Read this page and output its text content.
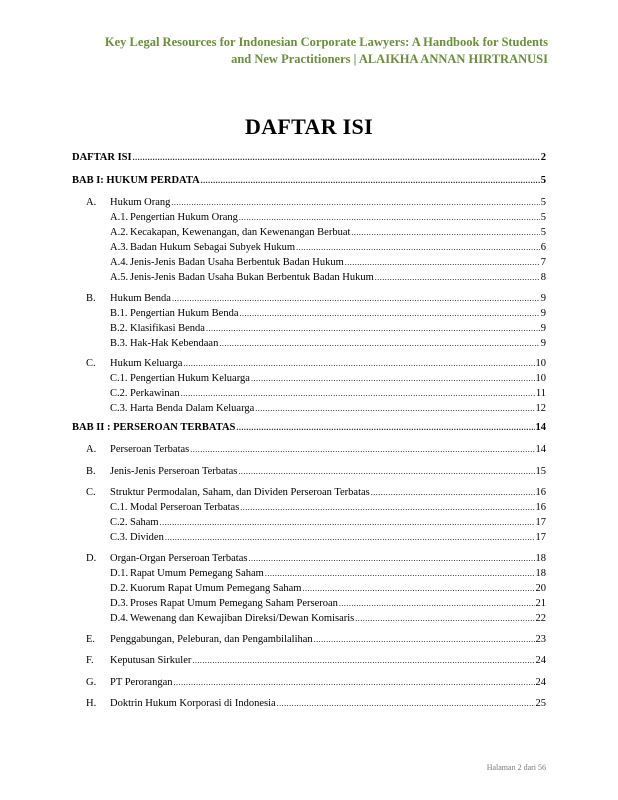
Key Legal Resources for Indonesian Corporate Lawyers: A Handbook for Students
and New Practitioners | ALAIKHA ANNAN HIRTRANUSI
DAFTAR ISI
DAFTAR ISI .....	2
BAB I: HUKUM PERDATA .....	5
A.	Hukum Orang .....	5
A.1. Pengertian Hukum Orang .....	5
A.2. Kecakapan, Kewenangan, dan Kewenangan Berbuat .....	5
A.3. Badan Hukum Sebagai Subyek Hukum .....	6
A.4. Jenis-Jenis Badan Usaha Berbentuk Badan Hukum .....	7
A.5. Jenis-Jenis Badan Usaha Bukan Berbentuk Badan Hukum .....	8
B.	Hukum Benda .....	9
B.1. Pengertian Hukum Benda .....	9
B.2. Klasifikasi Benda .....	9
B.3. Hak-Hak Kebendaan .....	9
C.	Hukum Keluarga .....	10
C.1. Pengertian Hukum Keluarga .....	10
C.2. Perkawinan .....	11
C.3. Harta Benda Dalam Keluarga .....	12
BAB II : PERSEROAN TERBATAS .....	14
A.	Perseroan Terbatas .....	14
B.	Jenis-Jenis Perseroan Terbatas .....	15
C.	Struktur Permodalan, Saham, dan Dividen Perseroan Terbatas .....	16
C.1. Modal Perseroan Terbatas .....	16
C.2. Saham .....	17
C.3. Dividen .....	17
D.	Organ-Organ Perseroan Terbatas .....	18
D.1. Rapat Umum Pemegang Saham .....	18
D.2. Kuorum Rapat Umum Pemegang Saham .....	20
D.3. Proses Rapat Umum Pemegang Saham Perseroan .....	21
D.4. Wewenang dan Kewajiban Direksi/Dewan Komisaris .....	22
E.	Penggabungan, Peleburan, dan Pengambilalihan .....	23
F.	Keputusan Sirkuler .....	24
G.	PT Perorangan .....	24
H.	Doktrin Hukum Korporasi di Indonesia .....	25
Halaman 2 dari 56
